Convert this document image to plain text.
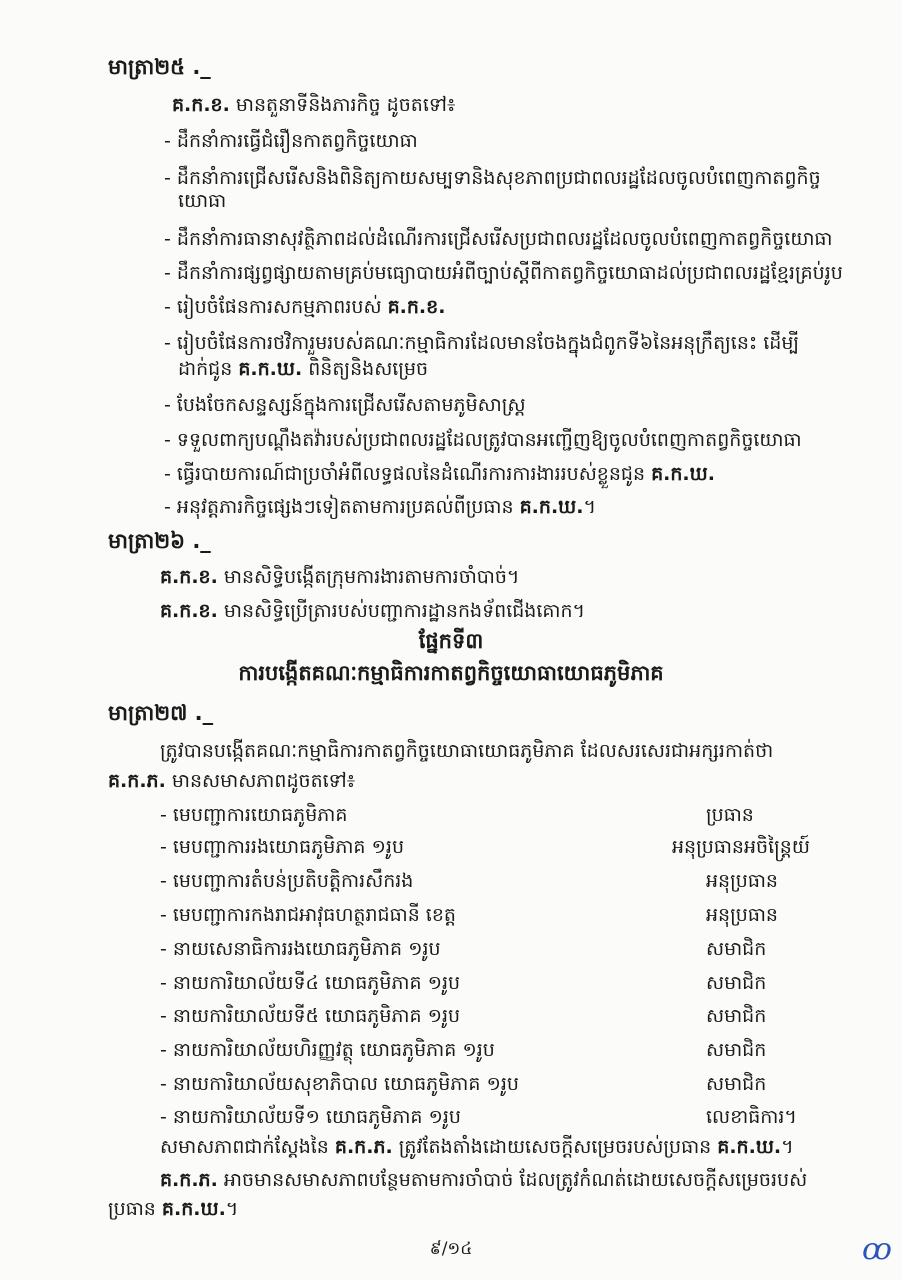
មាត្រា២៥ ._
គ.ក.ខ. មានតួនាទីនិងភារកិច្ច ដូចតទៅ៖
- ដឹកនាំការធ្វើជំរឿនកាតព្វកិច្ចយោធា
- ដឹកនាំការជ្រើសរើសនិងពិនិត្យកាយសម្បទានិងសុខភាពប្រជាពលរដ្ឋដែលចូលបំពេញកាតព្វកិច្ច
យោធា
- ដឹកនាំការធានាសុវត្ថិភាពដល់ដំណើរការជ្រើសរើសប្រជាពលរដ្ឋដែលចូលបំពេញកាតព្វកិច្ចយោធា
- ដឹកនាំការផ្សព្វផ្សាយតាមគ្រប់មធ្យោបាយអំពីច្បាប់ស្តីពីកាតព្វកិច្ចយោធាដល់ប្រជាពលរដ្ឋខ្មែរគ្រប់រូប
- រៀបចំផែនការសកម្មភាពរបស់ គ.ក.ខ.
- រៀបចំផែនការថវិការួមរបស់គណៈកម្មាធិការដែលមានចែងក្នុងជំពូកទី៦នៃអនុក្រឹត្យនេះ ដើម្បី
ដាក់ជូន គ.ក.ឃ. ពិនិត្យនិងសម្រេច
- បែងចែកសន្ទស្សន៍ក្នុងការជ្រើសរើសតាមភូមិសាស្ត្រ
- ទទួលពាក្យបណ្តឹងតវ៉ារបស់ប្រជាពលរដ្ឋដែលត្រូវបានអញ្ជើញឱ្យចូលបំពេញកាតព្វកិច្ចយោធា
- ធ្វើរបាយការណ៍ជាប្រចាំអំពីលទ្ធផលនៃដំណើរការការងាររបស់ខ្លួនជូន គ.ក.ឃ.
- អនុវត្តភារកិច្ចផ្សេងៗទៀតតាមការប្រគល់ពីប្រធាន គ.ក.ឃ.។
មាត្រា២៦ ._
គ.ក.ខ. មានសិទ្ធិបង្កើតក្រុមការងារតាមការចាំបាច់។
គ.ក.ខ. មានសិទ្ធិប្រើត្រារបស់បញ្ជាការដ្ឋានកងទ័ពជើងគោក។
ផ្នែកទី៣
ការបង្កើតគណៈកម្មាធិការកាតព្វកិច្ចយោធាយោធភូមិភាគ
មាត្រា២៧ ._
ត្រូវបានបង្កើតគណៈកម្មាធិការកាតព្វកិច្ចយោធាយោធភូមិភាគ ដែលសរសេរជាអក្សរកាត់ថា
គ.ក.ភ. មានសមាសភាពដូចតទៅ៖
- មេបញ្ជាការយោធភូមិភាគ	ប្រធាន
- មេបញ្ជាការរងយោធភូមិភាគ ១រូប	អនុប្រធានអចិន្ត្រៃយ៍
- មេបញ្ជាការតំបន់ប្រតិបត្តិការសឹករង	អនុប្រធាន
- មេបញ្ជាការកងរាជអាវុធហត្ថរាជធានី ខេត្ត	អនុប្រធាន
- នាយសេនាធិការរងយោធភូមិភាគ ១រូប	សមាជិក
- នាយការិយាល័យទី៤ យោធភូមិភាគ ១រូប	សមាជិក
- នាយការិយាល័យទី៥ យោធភូមិភាគ ១រូប	សមាជិក
- នាយការិយាល័យហិរញ្ញវត្ថុ យោធភូមិភាគ ១រូប	សមាជិក
- នាយការិយាល័យសុខាភិបាល យោធភូមិភាគ ១រូប	សមាជិក
- នាយការិយាល័យទី១ យោធភូមិភាគ ១រូប	លេខាធិការ។
សមាសភាពជាក់ស្តែងនៃ គ.ក.ភ. ត្រូវតែងតាំងដោយសេចក្តីសម្រេចរបស់ប្រធាន គ.ក.ឃ.។
គ.ក.ភ. អាចមានសមាសភាពបន្ថែមតាមការចាំបាច់ ដែលត្រូវកំណត់ដោយសេចក្តីសម្រេចរបស់
ប្រធាន គ.ក.ឃ.។
៩/១៤	ꝏ
